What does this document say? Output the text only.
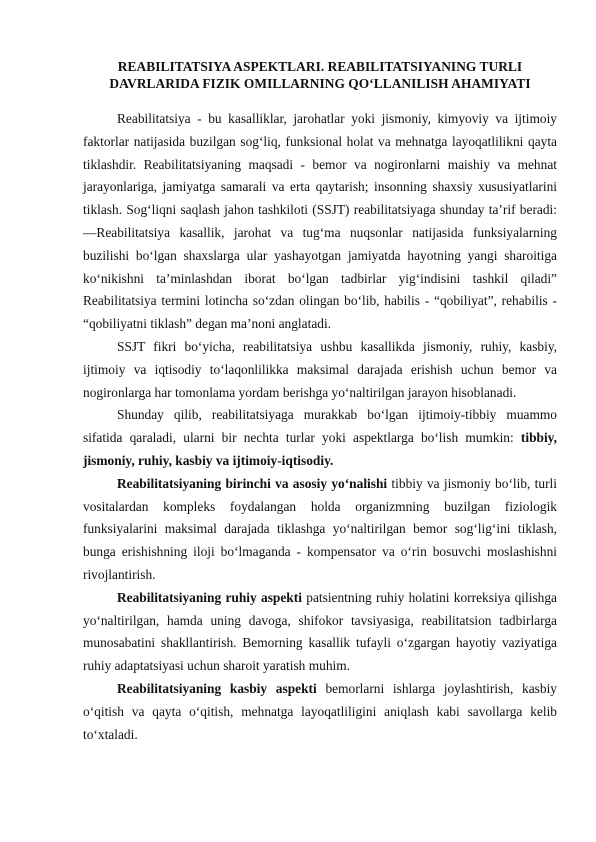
REABILITATSIYA ASPEKTLARI. REABILITATSIYANING TURLI
DAVRLARIDA FIZIK OMILLARNING QO‘LLANILISH AHAMIYATI

Reabilitatsiya - bu kasalliklar, jarohatlar yoki jismoniy, kimyoviy va ijtimoiy faktorlar natijasida buzilgan sog‘liq, funksional holat va mehnatga layoqatlilikni qayta tiklashdir. Reabilitatsiyaning maqsadi - bemor va nogironlarni maishiy va mehnat jarayonlariga, jamiyatga samarali va erta qaytarish; insonning shaxsiy xususiyatlarini tiklash. Sog‘liqni saqlash jahon tashkiloti (SSJT) reabilitatsiyaga shunday ta’rif beradi: ―Reabilitatsiya kasallik, jarohat va tug‘ma nuqsonlar natijasida funksiyalarning buzilishi bo‘lgan shaxslarga ular yashayotgan jamiyatda hayotning yangi sharoitiga ko‘nikishni ta’minlashdan iborat bo‘lgan tadbirlar yig‘indisini tashkil qiladi” Reabilitatsiya termini lotincha so‘zdan olingan bo‘lib, habilis - “qobiliyat”, rehabilis - “qobiliyatni tiklash” degan ma’noni anglatadi.

SSJT fikri bo‘yicha, reabilitatsiya ushbu kasallikda jismoniy, ruhiy, kasbiy, ijtimoiy va iqtisodiy to‘laqonlilikka maksimal darajada erishish uchun bemor va nogironlarga har tomonlama yordam berishga yo‘naltirilgan jarayon hisoblanadi.

Shunday qilib, reabilitatsiyaga murakkab bo‘lgan ijtimoiy-tibbiy muammo sifatida qaraladi, ularni bir nechta turlar yoki aspektlarga bo‘lish mumkin: tibbiy, jismoniy, ruhiy, kasbiy va ijtimoiy-iqtisodiy.

Reabilitatsiyaning birinchi va asosiy yo‘nalishi tibbiy va jismoniy bo‘lib, turli vositalardan kompleks foydalangan holda organizmning buzilgan fiziologik funksiyalarini maksimal darajada tiklashga yo‘naltirilgan bemor sog‘lig‘ini tiklash, bunga erishishning iloji bo‘lmaganda - kompensator va o‘rin bosuvchi moslashishni rivojlantirish.

Reabilitatsiyaning ruhiy aspekti patsientning ruhiy holatini korreksiya qilishga yo‘naltirilgan, hamda uning davoga, shifokor tavsiyasiga, reabilitatsion tadbirlarga munosabatini shakllantirish. Bemorning kasallik tufayli o‘zgargan hayotiy vaziyatiga ruhiy adaptatsiyasi uchun sharoit yaratish muhim.

Reabilitatsiyaning kasbiy aspekti bemorlarni ishlarga joylashtirish, kasbiy o‘qitish va qayta o‘qitish, mehnatga layoqatliligini aniqlash kabi savollarga kelib to‘xtaladi.
